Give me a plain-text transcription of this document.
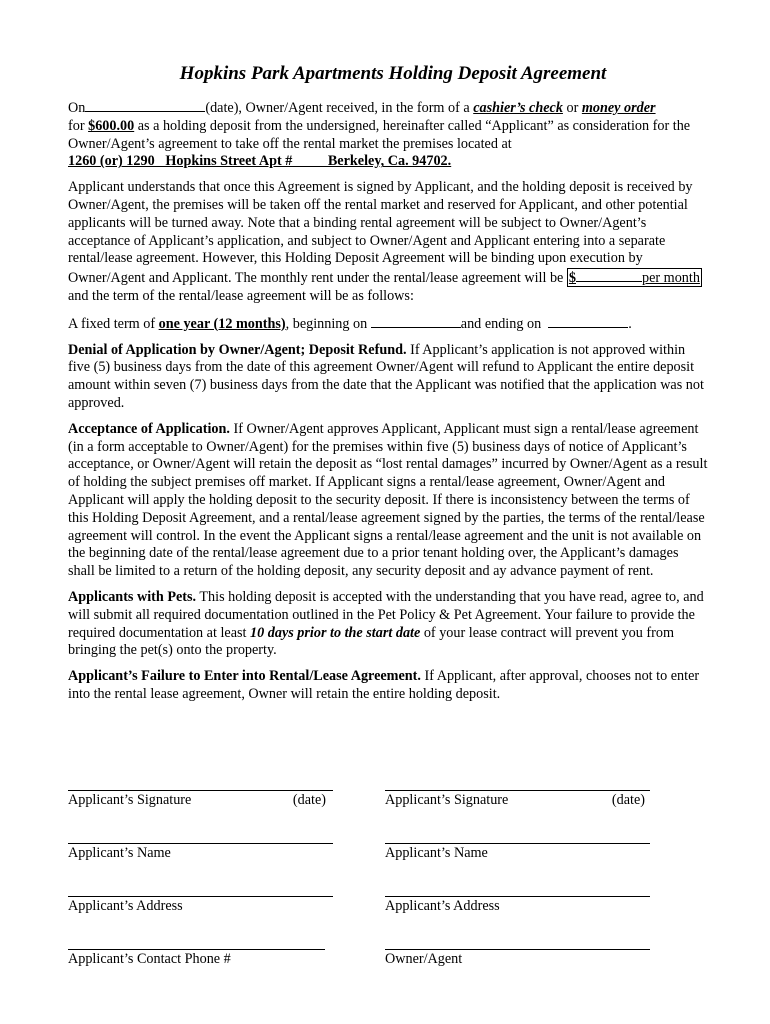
Hopkins Park Apartments Holding Deposit Agreement

On	(date), Owner/Agent received, in the form of a cashier’s check or money order
for $600.00 as a holding deposit from the undersigned, hereinafter called “Applicant” as consideration for the Owner/Agent’s agreement to take off the rental market the premises located at
1260 (or) 1290   Hopkins Street Apt #          Berkeley, Ca. 94702.

Applicant understands that once this Agreement is signed by Applicant, and the holding deposit is received by Owner/Agent, the premises will be taken off the rental market and reserved for Applicant, and other potential applicants will be turned away. Note that a binding rental agreement will be subject to Owner/Agent’s acceptance of Applicant’s application, and subject to Owner/Agent and Applicant entering into a separate rental/lease agreement. However, this Holding Deposit Agreement will be binding upon execution by Owner/Agent and Applicant. The monthly rent under the rental/lease agreement will be $	per month and the term of the rental/lease agreement will be as follows:

A fixed term of one year (12 months), beginning on	and ending on	.

Denial of Application by Owner/Agent; Deposit Refund. If Applicant’s application is not approved within five (5) business days from the date of this agreement Owner/Agent will refund to Applicant the entire deposit amount within seven (7) business days from the date that the Applicant was notified that the application was not approved.

Acceptance of Application. If Owner/Agent approves Applicant, Applicant must sign a rental/lease agreement (in a form acceptable to Owner/Agent) for the premises within five (5) business days of notice of Applicant’s acceptance, or Owner/Agent will retain the deposit as “lost rental damages” incurred by Owner/Agent as a result of holding the subject premises off market. If Applicant signs a rental/lease agreement, Owner/Agent and Applicant will apply the holding deposit to the security deposit. If there is inconsistency between the terms of this Holding Deposit Agreement, and a rental/lease agreement signed by the parties, the terms of the rental/lease agreement will control. In the event the Applicant signs a rental/lease agreement and the unit is not available on the beginning date of the rental/lease agreement due to a prior tenant holding over, the Applicant’s damages shall be limited to a return of the holding deposit, any security deposit and ay advance payment of rent.

Applicants with Pets. This holding deposit is accepted with the understanding that you have read, agree to, and will submit all required documentation outlined in the Pet Policy & Pet Agreement. Your failure to provide the required documentation at least 10 days prior to the start date of your lease contract will prevent you from bringing the pet(s) onto the property.

Applicant’s Failure to Enter into Rental/Lease Agreement. If Applicant, after approval, chooses not to enter into the rental lease agreement, Owner will retain the entire holding deposit.

Applicant’s Signature	(date)
Applicant’s Name
Applicant’s Address
Applicant’s Contact Phone #
Applicant’s Signature	(date)
Applicant’s Name
Applicant’s Address
Owner/Agent
